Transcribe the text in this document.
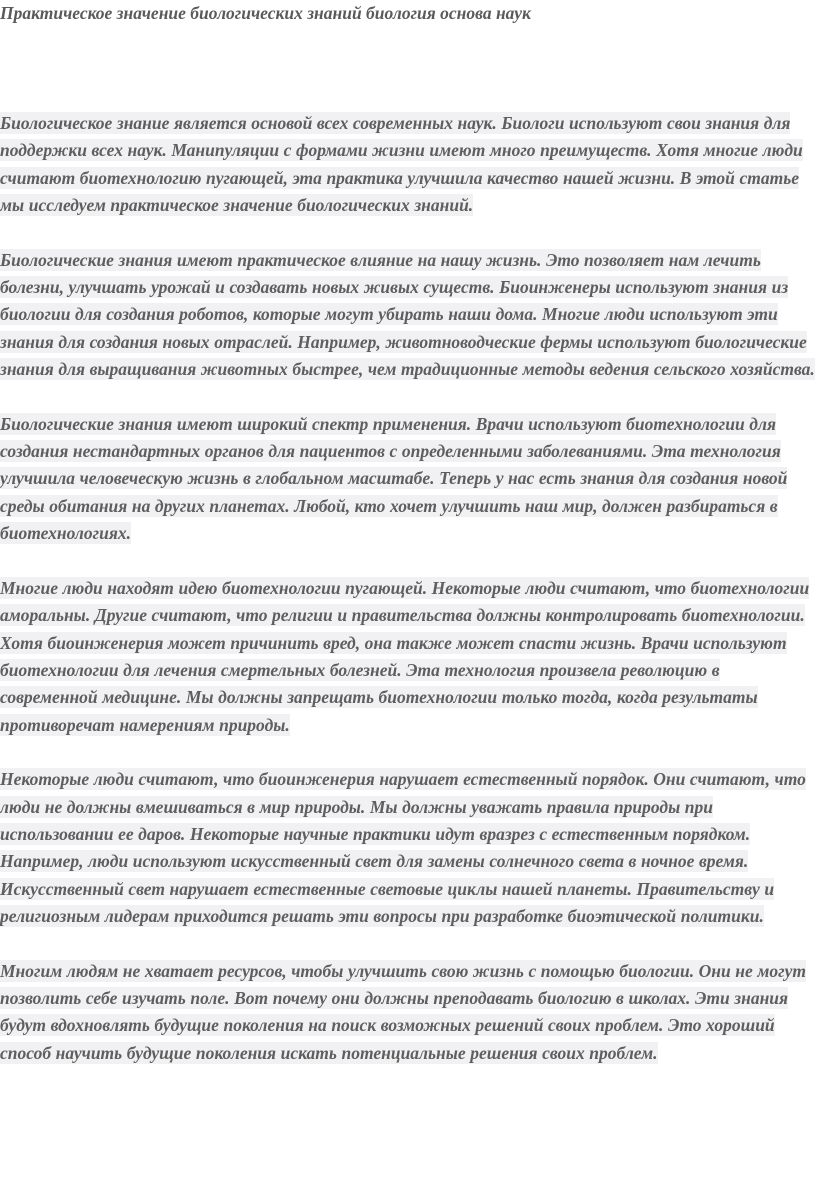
Практическое значение биологических знаний биология основа наук

Биологическое знание является основой всех современных наук. Биологи используют свои знания для поддержки всех наук. Манипуляции с формами жизни имеют много преимуществ. Хотя многие люди считают биотехнологию пугающей, эта практика улучшила качество нашей жизни. В этой статье мы исследуем практическое значение биологических знаний.

Биологические знания имеют практическое влияние на нашу жизнь. Это позволяет нам лечить болезни, улучшать урожай и создавать новых живых существ. Биоинженеры используют знания из биологии для создания роботов, которые могут убирать наши дома. Многие люди используют эти знания для создания новых отраслей. Например, животноводческие фермы используют биологические знания для выращивания животных быстрее, чем традиционные методы ведения сельского хозяйства.

Биологические знания имеют широкий спектр применения. Врачи используют биотехнологии для создания нестандартных органов для пациентов с определенными заболеваниями. Эта технология улучшила человеческую жизнь в глобальном масштабе. Теперь у нас есть знания для создания новой среды обитания на других планетах. Любой, кто хочет улучшить наш мир, должен разбираться в биотехнологиях.

Многие люди находят идею биотехнологии пугающей. Некоторые люди считают, что биотехнологии аморальны. Другие считают, что религии и правительства должны контролировать биотехнологии. Хотя биоинженерия может причинить вред, она также может спасти жизнь. Врачи используют биотехнологии для лечения смертельных болезней. Эта технология произвела революцию в современной медицине. Мы должны запрещать биотехнологии только тогда, когда результаты противоречат намерениям природы.

Некоторые люди считают, что биоинженерия нарушает естественный порядок. Они считают, что люди не должны вмешиваться в мир природы. Мы должны уважать правила природы при использовании ее даров. Некоторые научные практики идут вразрез с естественным порядком. Например, люди используют искусственный свет для замены солнечного света в ночное время. Искусственный свет нарушает естественные световые циклы нашей планеты. Правительству и религиозным лидерам приходится решать эти вопросы при разработке биоэтической политики.

Многим людям не хватает ресурсов, чтобы улучшить свою жизнь с помощью биологии. Они не могут позволить себе изучать поле. Вот почему они должны преподавать биологию в школах. Эти знания будут вдохновлять будущие поколения на поиск возможных решений своих проблем. Это хороший способ научить будущие поколения искать потенциальные решения своих проблем.
